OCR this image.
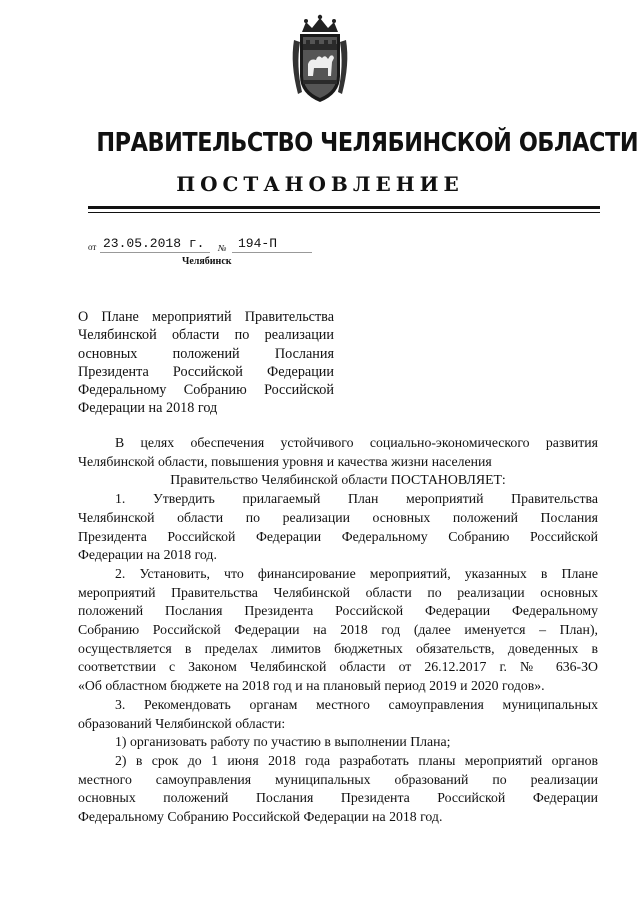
ПРАВИТЕЛЬСТВО ЧЕЛЯБИНСКОЙ ОБЛАСТИ
ПОСТАНОВЛЕНИЕ
от 23.05.2018 г. № 194-П
Челябинск
О Плане мероприятий Правительства
Челябинской области по реализации
основных положений Послания
Президента Российской Федерации
Федеральному Собранию Российской
Федерации на 2018 год
В целях обеспечения устойчивого социально-экономического развития
Челябинской области, повышения уровня и качества жизни населения
Правительство Челябинской области ПОСТАНОВЛЯЕТ:
1. Утвердить прилагаемый План мероприятий Правительства
Челябинской области по реализации основных положений Послания
Президента Российской Федерации Федеральному Собранию Российской
Федерации на 2018 год.
2. Установить, что финансирование мероприятий, указанных в Плане
мероприятий Правительства Челябинской области по реализации основных
положений Послания Президента Российской Федерации Федеральному
Собранию Российской Федерации на 2018 год (далее именуется – План),
осуществляется в пределах лимитов бюджетных обязательств, доведенных в
соответствии с Законом Челябинской области от 26.12.2017 г. № 636-ЗО
«Об областном бюджете на 2018 год и на плановый период 2019 и 2020 годов».
3. Рекомендовать органам местного самоуправления муниципальных
образований Челябинской области:
1) организовать работу по участию в выполнении Плана;
2) в срок до 1 июня 2018 года разработать планы мероприятий органов
местного самоуправления муниципальных образований по реализации
основных положений Послания Президента Российской Федерации
Федеральному Собранию Российской Федерации на 2018 год.
